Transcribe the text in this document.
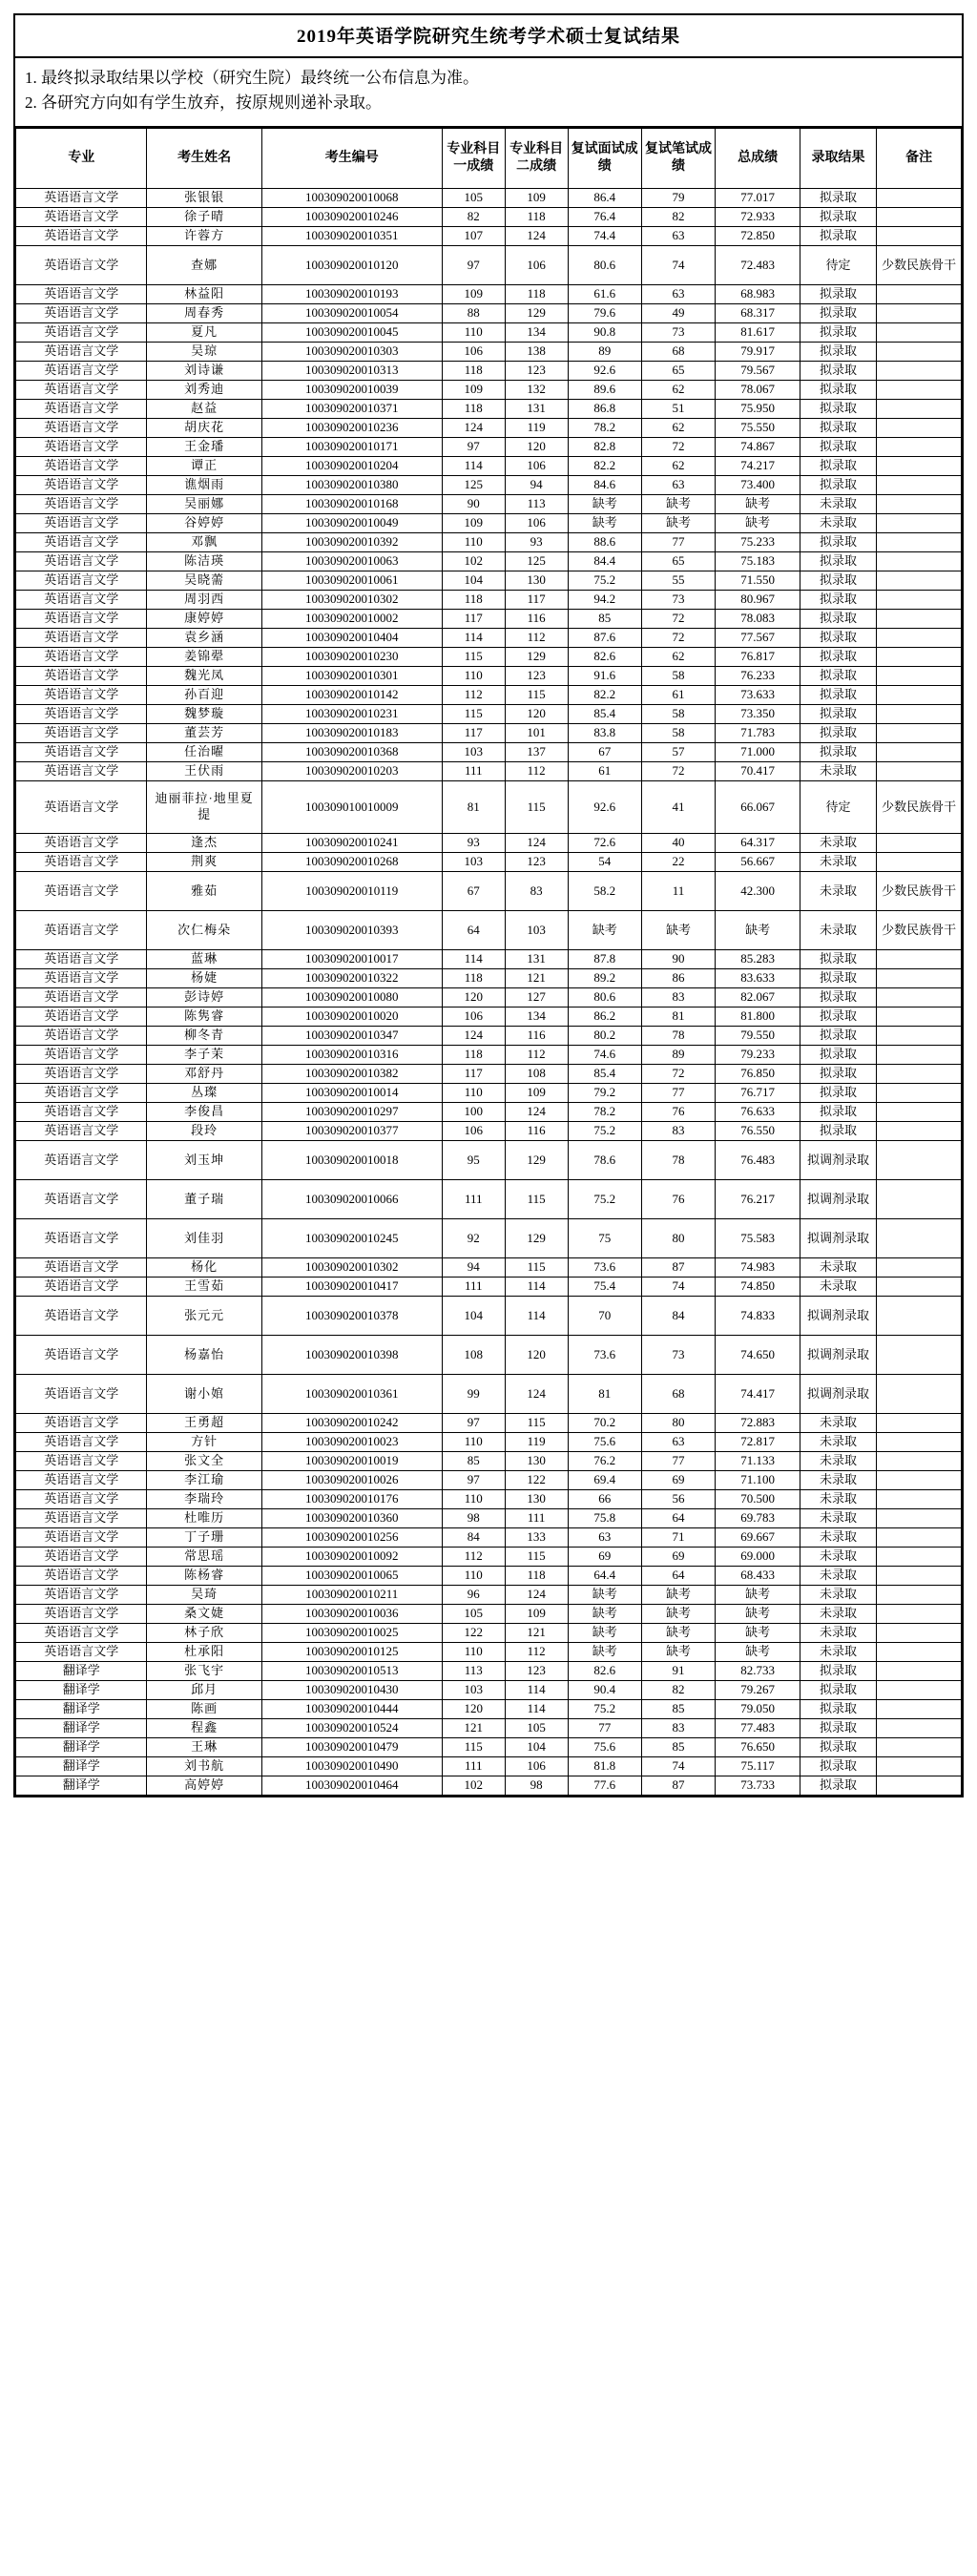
2019年英语学院研究生统考学术硕士复试结果
1. 最终拟录取结果以学校（研究生院）最终统一公布信息为准。
2. 各研究方向如有学生放弃，按原规则递补录取。
专业	考生姓名	考生编号	专业科目一成绩	专业科目二成绩	复试面试成绩	复试笔试成绩	总成绩	录取结果	备注
英语语言文学	张银银	100309020010068	105	109	86.4	79	77.017	拟录取	
英语语言文学	徐子晴	100309020010246	82	118	76.4	82	72.933	拟录取	
英语语言文学	许蓉方	100309020010351	107	124	74.4	63	72.850	拟录取	
英语语言文学	查娜	100309020010120	97	106	80.6	74	72.483	待定	少数民族骨干
英语语言文学	林益阳	100309020010193	109	118	61.6	63	68.983	拟录取	
英语语言文学	周春秀	100309020010054	88	129	79.6	49	68.317	拟录取	
英语语言文学	夏凡	100309020010045	110	134	90.8	73	81.617	拟录取	
英语语言文学	吴琼	100309020010303	106	138	89	68	79.917	拟录取	
英语语言文学	刘诗谦	100309020010313	118	123	92.6	65	79.567	拟录取	
英语语言文学	刘秀迪	100309020010039	109	132	89.6	62	78.067	拟录取	
英语语言文学	赵益	100309020010371	118	131	86.8	51	75.950	拟录取	
英语语言文学	胡庆花	100309020010236	124	119	78.2	62	75.550	拟录取	
英语语言文学	王金璠	100309020010171	97	120	82.8	72	74.867	拟录取	
英语语言文学	谭正	100309020010204	114	106	82.2	62	74.217	拟录取	
英语语言文学	谯烟雨	100309020010380	125	94	84.6	63	73.400	拟录取	
英语语言文学	吴丽娜	100309020010168	90	113	缺考	缺考	缺考	未录取	
英语语言文学	谷婷婷	100309020010049	109	106	缺考	缺考	缺考	未录取	
英语语言文学	邓飘	100309020010392	110	93	88.6	77	75.233	拟录取	
英语语言文学	陈洁瑛	100309020010063	102	125	84.4	65	75.183	拟录取	
英语语言文学	吴晓薷	100309020010061	104	130	75.2	55	71.550	拟录取	
英语语言文学	周羽西	100309020010302	118	117	94.2	73	80.967	拟录取	
英语语言文学	康婷婷	100309020010002	117	116	85	72	78.083	拟录取	
英语语言文学	袁乡涵	100309020010404	114	112	87.6	72	77.567	拟录取	
英语语言文学	姜锦翚	100309020010230	115	129	82.6	62	76.817	拟录取	
英语语言文学	魏光凤	100309020010301	110	123	91.6	58	76.233	拟录取	
英语语言文学	孙百迎	100309020010142	112	115	82.2	61	73.633	拟录取	
英语语言文学	魏梦璇	100309020010231	115	120	85.4	58	73.350	拟录取	
英语语言文学	董芸芳	100309020010183	117	101	83.8	58	71.783	拟录取	
英语语言文学	任治曜	100309020010368	103	137	67	57	71.000	拟录取	
英语语言文学	王伏雨	100309020010203	111	112	61	72	70.417	未录取	
英语语言文学	迪丽菲拉·地里夏提	100309010010009	81	115	92.6	41	66.067	待定	少数民族骨干
英语语言文学	逢杰	100309020010241	93	124	72.6	40	64.317	未录取	
英语语言文学	荆爽	100309020010268	103	123	54	22	56.667	未录取	
英语语言文学	雅茹	100309020010119	67	83	58.2	11	42.300	未录取	少数民族骨干
英语语言文学	次仁梅朵	100309020010393	64	103	缺考	缺考	缺考	未录取	少数民族骨干
英语语言文学	蓝琳	100309020010017	114	131	87.8	90	85.283	拟录取	
英语语言文学	杨婕	100309020010322	118	121	89.2	86	83.633	拟录取	
英语语言文学	彭诗婷	100309020010080	120	127	80.6	83	82.067	拟录取	
英语语言文学	陈隽睿	100309020010020	106	134	86.2	81	81.800	拟录取	
英语语言文学	柳冬青	100309020010347	124	116	80.2	78	79.550	拟录取	
英语语言文学	李子茉	100309020010316	118	112	74.6	89	79.233	拟录取	
英语语言文学	邓舒丹	100309020010382	117	108	85.4	72	76.850	拟录取	
英语语言文学	丛璨	100309020010014	110	109	79.2	77	76.717	拟录取	
英语语言文学	李俊昌	100309020010297	100	124	78.2	76	76.633	拟录取	
英语语言文学	段玲	100309020010377	106	116	75.2	83	76.550	拟录取	
英语语言文学	刘玉坤	100309020010018	95	129	78.6	78	76.483	拟调剂录取	
英语语言文学	董子瑞	100309020010066	111	115	75.2	76	76.217	拟调剂录取	
英语语言文学	刘佳羽	100309020010245	92	129	75	80	75.583	拟调剂录取	
英语语言文学	杨化	100309020010302	94	115	73.6	87	74.983	未录取	
英语语言文学	王雪茹	100309020010417	111	114	75.4	74	74.850	未录取	
英语语言文学	张元元	100309020010378	104	114	70	84	74.833	拟调剂录取	
英语语言文学	杨嘉怡	100309020010398	108	120	73.6	73	74.650	拟调剂录取	
英语语言文学	谢小婠	100309020010361	99	124	81	68	74.417	拟调剂录取	
英语语言文学	王勇超	100309020010242	97	115	70.2	80	72.883	未录取	
英语语言文学	方针	100309020010023	110	119	75.6	63	72.817	未录取	
英语语言文学	张文全	100309020010019	85	130	76.2	77	71.133	未录取	
英语语言文学	李江瑜	100309020010026	97	122	69.4	69	71.100	未录取	
英语语言文学	李瑞玲	100309020010176	110	130	66	56	70.500	未录取	
英语语言文学	杜唯历	100309020010360	98	111	75.8	64	69.783	未录取	
英语语言文学	丁子珊	100309020010256	84	133	63	71	69.667	未录取	
英语语言文学	常思瑶	100309020010092	112	115	69	69	69.000	未录取	
英语语言文学	陈杨睿	100309020010065	110	118	64.4	64	68.433	未录取	
英语语言文学	吴琦	100309020010211	96	124	缺考	缺考	缺考	未录取	
英语语言文学	桑文婕	100309020010036	105	109	缺考	缺考	缺考	未录取	
英语语言文学	林子欣	100309020010025	122	121	缺考	缺考	缺考	未录取	
英语语言文学	杜承阳	100309020010125	110	112	缺考	缺考	缺考	未录取	
翻译学	张飞宇	100309020010513	113	123	82.6	91	82.733	拟录取	
翻译学	邱月	100309020010430	103	114	90.4	82	79.267	拟录取	
翻译学	陈画	100309020010444	120	114	75.2	85	79.050	拟录取	
翻译学	程鑫	100309020010524	121	105	77	83	77.483	拟录取	
翻译学	王琳	100309020010479	115	104	75.6	85	76.650	拟录取	
翻译学	刘书航	100309020010490	111	106	81.8	74	75.117	拟录取	
翻译学	高婷婷	100309020010464	102	98	77.6	87	73.733	拟录取	
